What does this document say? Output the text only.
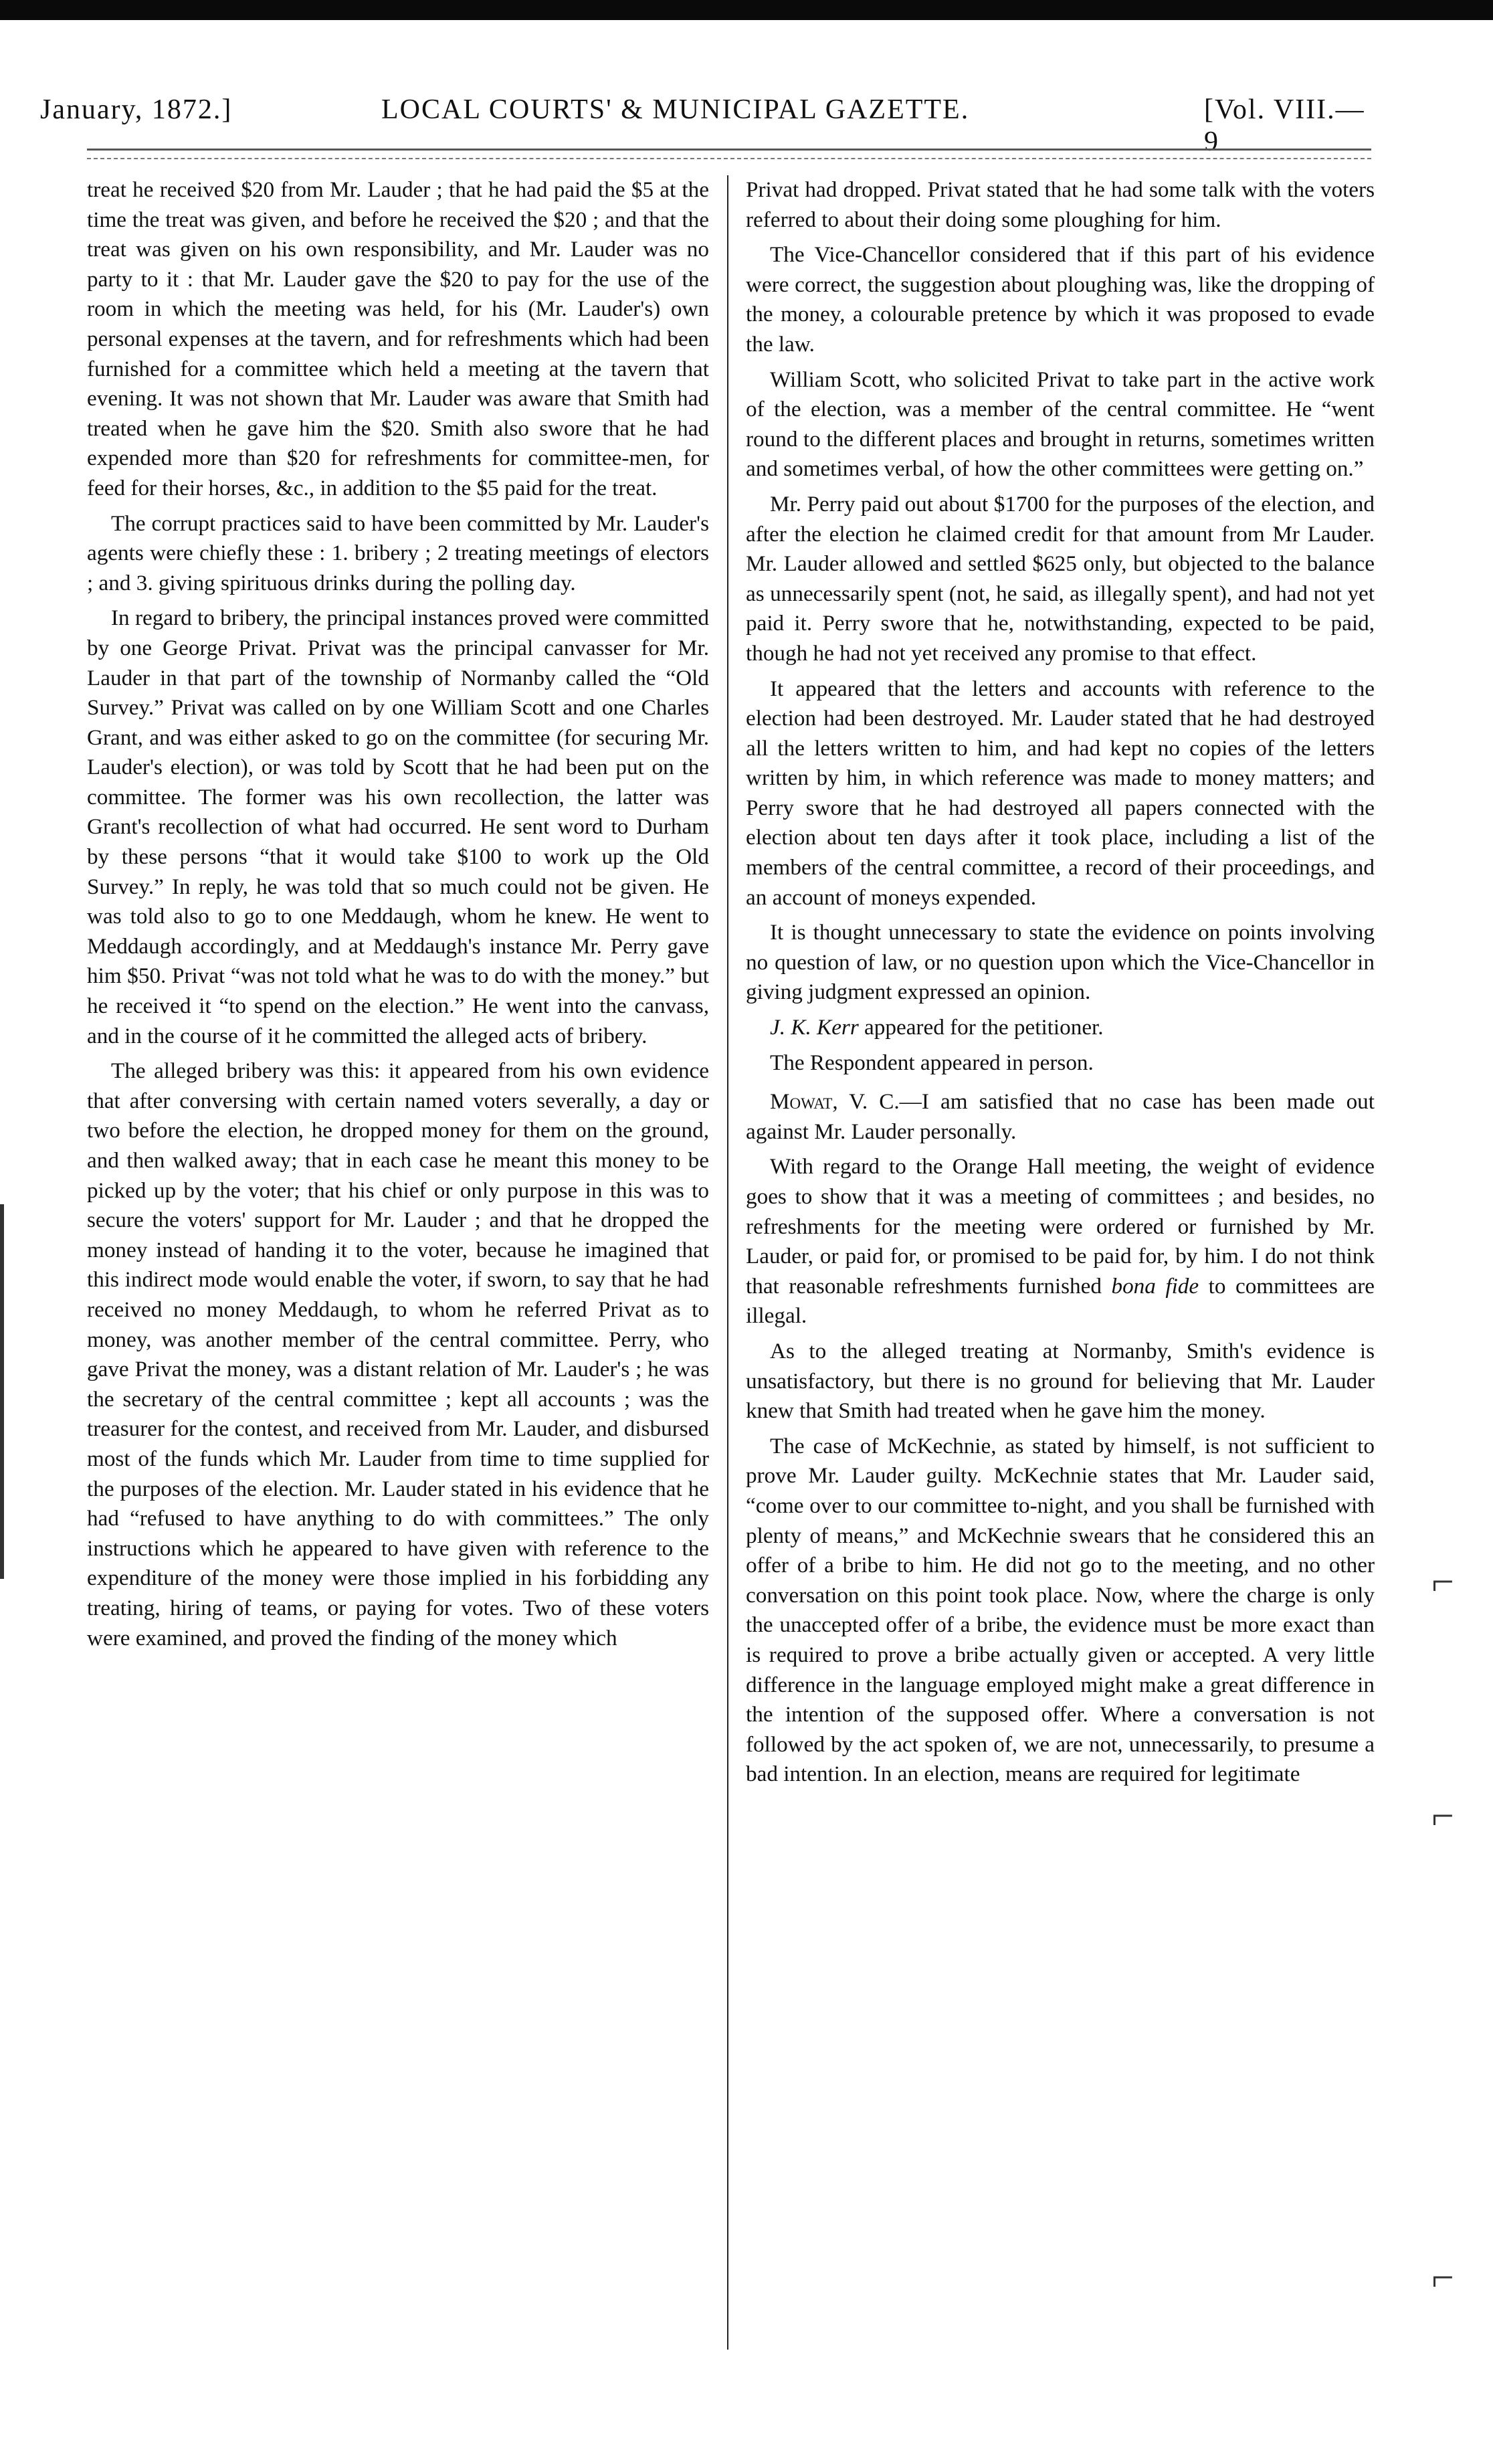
January, 1872.]	LOCAL COURTS' & MUNICIPAL GAZETTE.	[Vol. VIII.—9

treat he received $20 from Mr. Lauder ; that he had paid the $5 at the time the treat was given, and before he received the $20 ; and that the treat was given on his own responsibility, and Mr. Lauder was no party to it : that Mr. Lauder gave the $20 to pay for the use of the room in which the meeting was held, for his (Mr. Lauder's) own personal expenses at the tavern, and for refreshments which had been furnished for a committee which held a meeting at the tavern that evening. It was not shown that Mr. Lauder was aware that Smith had treated when he gave him the $20. Smith also swore that he had expended more than $20 for refreshments for committee-men, for feed for their horses, &c., in addition to the $5 paid for the treat.

The corrupt practices said to have been committed by Mr. Lauder's agents were chiefly these : 1. bribery ; 2 treating meetings of electors ; and 3. giving spirituous drinks during the polling day.

In regard to bribery, the principal instances proved were committed by one George Privat. Privat was the principal canvasser for Mr. Lauder in that part of the township of Normanby called the “Old Survey.” Privat was called on by one William Scott and one Charles Grant, and was either asked to go on the committee (for securing Mr. Lauder's election), or was told by Scott that he had been put on the committee. The former was his own recollection, the latter was Grant's recollection of what had occurred. He sent word to Durham by these persons “that it would take $100 to work up the Old Survey.” In reply, he was told that so much could not be given. He was told also to go to one Meddaugh, whom he knew. He went to Meddaugh accordingly, and at Meddaugh's instance Mr. Perry gave him $50. Privat “was not told what he was to do with the money.” but he received it “to spend on the election.” He went into the canvass, and in the course of it he committed the alleged acts of bribery.

The alleged bribery was this: it appeared from his own evidence that after conversing with certain named voters severally, a day or two before the election, he dropped money for them on the ground, and then walked away; that in each case he meant this money to be picked up by the voter; that his chief or only purpose in this was to secure the voters' support for Mr. Lauder ; and that he dropped the money instead of handing it to the voter, because he imagined that this indirect mode would enable the voter, if sworn, to say that he had received no money Meddaugh, to whom he referred Privat as to money, was another member of the central committee. Perry, who gave Privat the money, was a distant relation of Mr. Lauder's ; he was the secretary of the central committee ; kept all accounts ; was the treasurer for the contest, and received from Mr. Lauder, and disbursed most of the funds which Mr. Lauder from time to time supplied for the purposes of the election. Mr. Lauder stated in his evidence that he had “refused to have anything to do with committees.” The only instructions which he appeared to have given with reference to the expenditure of the money were those implied in his forbidding any treating, hiring of teams, or paying for votes. Two of these voters were examined, and proved the finding of the money which

Privat had dropped. Privat stated that he had some talk with the voters referred to about their doing some ploughing for him.

The Vice-Chancellor considered that if this part of his evidence were correct, the suggestion about ploughing was, like the dropping of the money, a colourable pretence by which it was proposed to evade the law.

William Scott, who solicited Privat to take part in the active work of the election, was a member of the central committee. He “went round to the different places and brought in returns, sometimes written and sometimes verbal, of how the other committees were getting on.”

Mr. Perry paid out about $1700 for the purposes of the election, and after the election he claimed credit for that amount from Mr Lauder. Mr. Lauder allowed and settled $625 only, but objected to the balance as unnecessarily spent (not, he said, as illegally spent), and had not yet paid it. Perry swore that he, notwithstanding, expected to be paid, though he had not yet received any promise to that effect.

It appeared that the letters and accounts with reference to the election had been destroyed. Mr. Lauder stated that he had destroyed all the letters written to him, and had kept no copies of the letters written by him, in which reference was made to money matters; and Perry swore that he had destroyed all papers connected with the election about ten days after it took place, including a list of the members of the central committee, a record of their proceedings, and an account of moneys expended.

It is thought unnecessary to state the evidence on points involving no question of law, or no question upon which the Vice-Chancellor in giving judgment expressed an opinion.

J. K. Kerr appeared for the petitioner.

The Respondent appeared in person.

Mowat, V. C.—I am satisfied that no case has been made out against Mr. Lauder personally.

With regard to the Orange Hall meeting, the weight of evidence goes to show that it was a meeting of committees ; and besides, no refreshments for the meeting were ordered or furnished by Mr. Lauder, or paid for, or promised to be paid for, by him. I do not think that reasonable refreshments furnished bona fide to committees are illegal.

As to the alleged treating at Normanby, Smith's evidence is unsatisfactory, but there is no ground for believing that Mr. Lauder knew that Smith had treated when he gave him the money.

The case of McKechnie, as stated by himself, is not sufficient to prove Mr. Lauder guilty. McKechnie states that Mr. Lauder said, “come over to our committee to-night, and you shall be furnished with plenty of means,” and McKechnie swears that he considered this an offer of a bribe to him. He did not go to the meeting, and no other conversation on this point took place. Now, where the charge is only the unaccepted offer of a bribe, the evidence must be more exact than is required to prove a bribe actually given or accepted. A very little difference in the language employed might make a great difference in the intention of the supposed offer. Where a conversation is not followed by the act spoken of, we are not, unnecessarily, to presume a bad intention. In an election, means are required for legitimate

⌐
⌐
⌐
